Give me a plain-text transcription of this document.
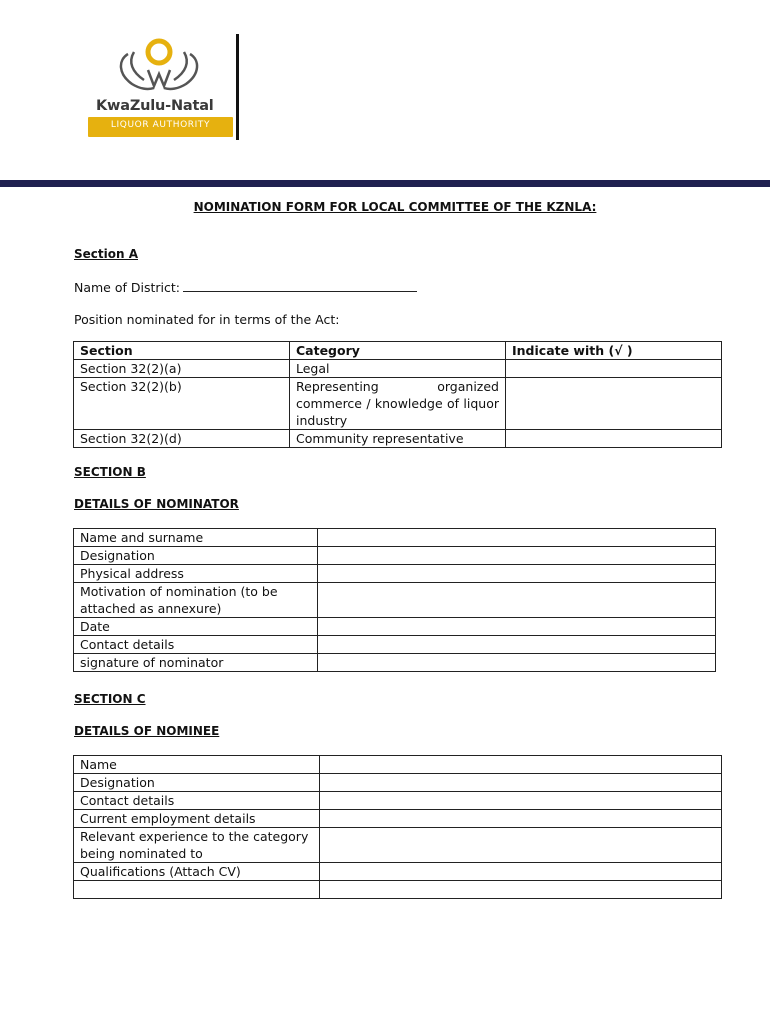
KwaZulu-Natal
LIQUOR AUTHORITY
NOMINATION FORM FOR LOCAL COMMITTEE OF THE KZNLA:
Section A
Name of District:
Position nominated for in terms of the Act:
Section	Category	Indicate with (√ )
Section 32(2)(a)	Legal	
Section 32(2)(b)	Representing organized commerce / knowledge of liquor industry	
Section 32(2)(d)	Community representative	
SECTION B
DETAILS OF NOMINATOR
Name and surname	
Designation	
Physical address	
Motivation of nomination (to be attached as annexure)	
Date	
Contact details	
signature of nominator	
SECTION C
DETAILS OF NOMINEE
Name	
Designation	
Contact details	
Current employment details	
Relevant experience to the category being nominated to	
Qualifications (Attach CV)	
